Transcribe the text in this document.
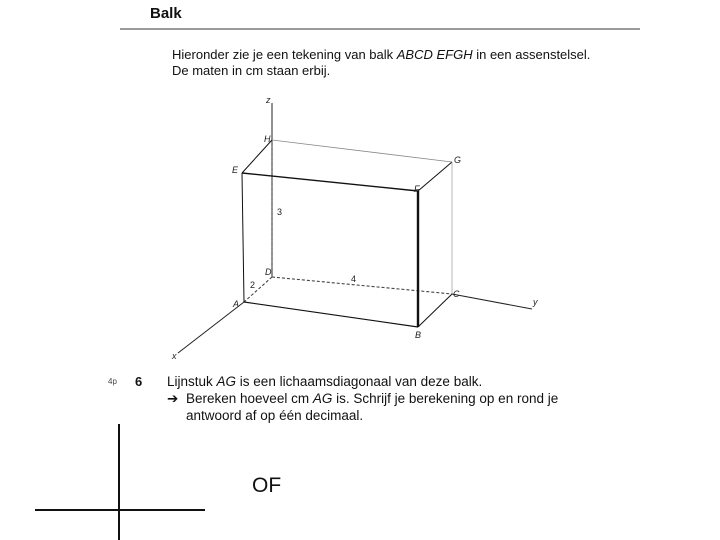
Balk
Hieronder zie je een tekening van balk ABCD EFGH in een assenstelsel.
De maten in cm staan erbij.
H
G
E
F
D
C
A
B
z
y
x
3
4
2
4p 6 Lijnstuk AG is een lichaamsdiagonaal van deze balk.
➔ Bereken hoeveel cm AG is. Schrijf je berekening op en rond je
antwoord af op één decimaal.
OF
